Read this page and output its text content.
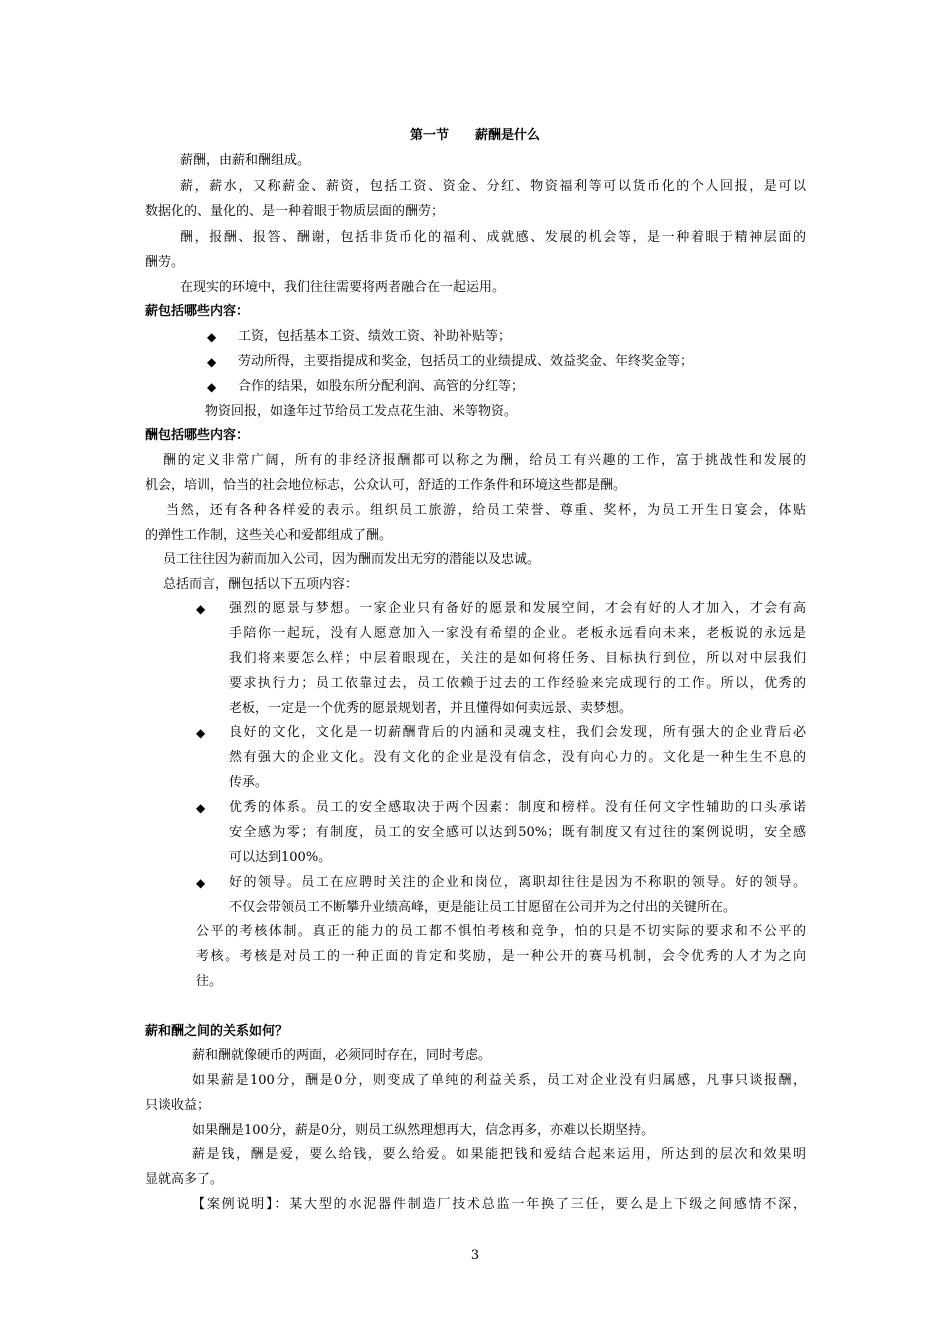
第一节　　薪酬是什么
薪酬，由薪和酬组成。
薪，薪水，又称薪金、薪资，包括工资、资金、分红、物资福利等可以货币化的个人回报，是可以
数据化的、量化的、是一种着眼于物质层面的酬劳；
酬，报酬、报答、酬谢，包括非货币化的福利、成就感、发展的机会等，是一种着眼于精神层面的
酬劳。
在现实的环境中，我们往往需要将两者融合在一起运用。
薪包括哪些内容：
◆ 工资，包括基本工资、绩效工资、补助补贴等；
◆ 劳动所得，主要指提成和奖金，包括员工的业绩提成、效益奖金、年终奖金等；
◆ 合作的结果，如股东所分配利润、高管的分红等；
物资回报，如逢年过节给员工发点花生油、米等物资。
酬包括哪些内容：
酬的定义非常广阔，所有的非经济报酬都可以称之为酬，给员工有兴趣的工作，富于挑战性和发展的
机会，培训，恰当的社会地位标志，公众认可，舒适的工作条件和环境这些都是酬。
当然，还有各种各样爱的表示。组织员工旅游，给员工荣誉、尊重、奖杯，为员工开生日宴会，体贴
的弹性工作制，这些关心和爱都组成了酬。
员工往往因为薪而加入公司，因为酬而发出无穷的潜能以及忠诚。
总括而言，酬包括以下五项内容：
◆ 强烈的愿景与梦想。一家企业只有备好的愿景和发展空间，才会有好的人才加入，才会有高
手陪你一起玩，没有人愿意加入一家没有希望的企业。老板永远看向未来，老板说的永远是
我们将来要怎么样；中层着眼现在，关注的是如何将任务、目标执行到位，所以对中层我们
要求执行力；员工依靠过去，员工依赖于过去的工作经验来完成现行的工作。所以，优秀的
老板，一定是一个优秀的愿景规划者，并且懂得如何卖远景、卖梦想。
◆ 良好的文化，文化是一切薪酬背后的内涵和灵魂支柱，我们会发现，所有强大的企业背后必
然有强大的企业文化。没有文化的企业是没有信念，没有向心力的。文化是一种生生不息的
传承。
◆ 优秀的体系。员工的安全感取决于两个因素：制度和榜样。没有任何文字性辅助的口头承诺
安全感为零；有制度，员工的安全感可以达到50%；既有制度又有过往的案例说明，安全感
可以达到100%。
◆ 好的领导。员工在应聘时关注的企业和岗位，离职却往往是因为不称职的领导。好的领导。
不仅会带领员工不断攀升业绩高峰，更是能让员工甘愿留在公司并为之付出的关键所在。
公平的考核体制。真正的能力的员工都不惧怕考核和竞争，怕的只是不切实际的要求和不公平的
考核。考核是对员工的一种正面的肯定和奖励，是一种公开的赛马机制，会令优秀的人才为之向
往。
薪和酬之间的关系如何？
薪和酬就像硬币的两面，必须同时存在，同时考虑。
如果薪是100分，酬是0分，则变成了单纯的利益关系，员工对企业没有归属感，凡事只谈报酬，
只谈收益；
如果酬是100分，薪是0分，则员工纵然理想再大，信念再多，亦难以长期坚持。
薪是钱，酬是爱，要么给钱，要么给爱。如果能把钱和爱结合起来运用，所达到的层次和效果明
显就高多了。
【案例说明】：某大型的水泥器件制造厂技术总监一年换了三任，要么是上下级之间感情不深，
3
